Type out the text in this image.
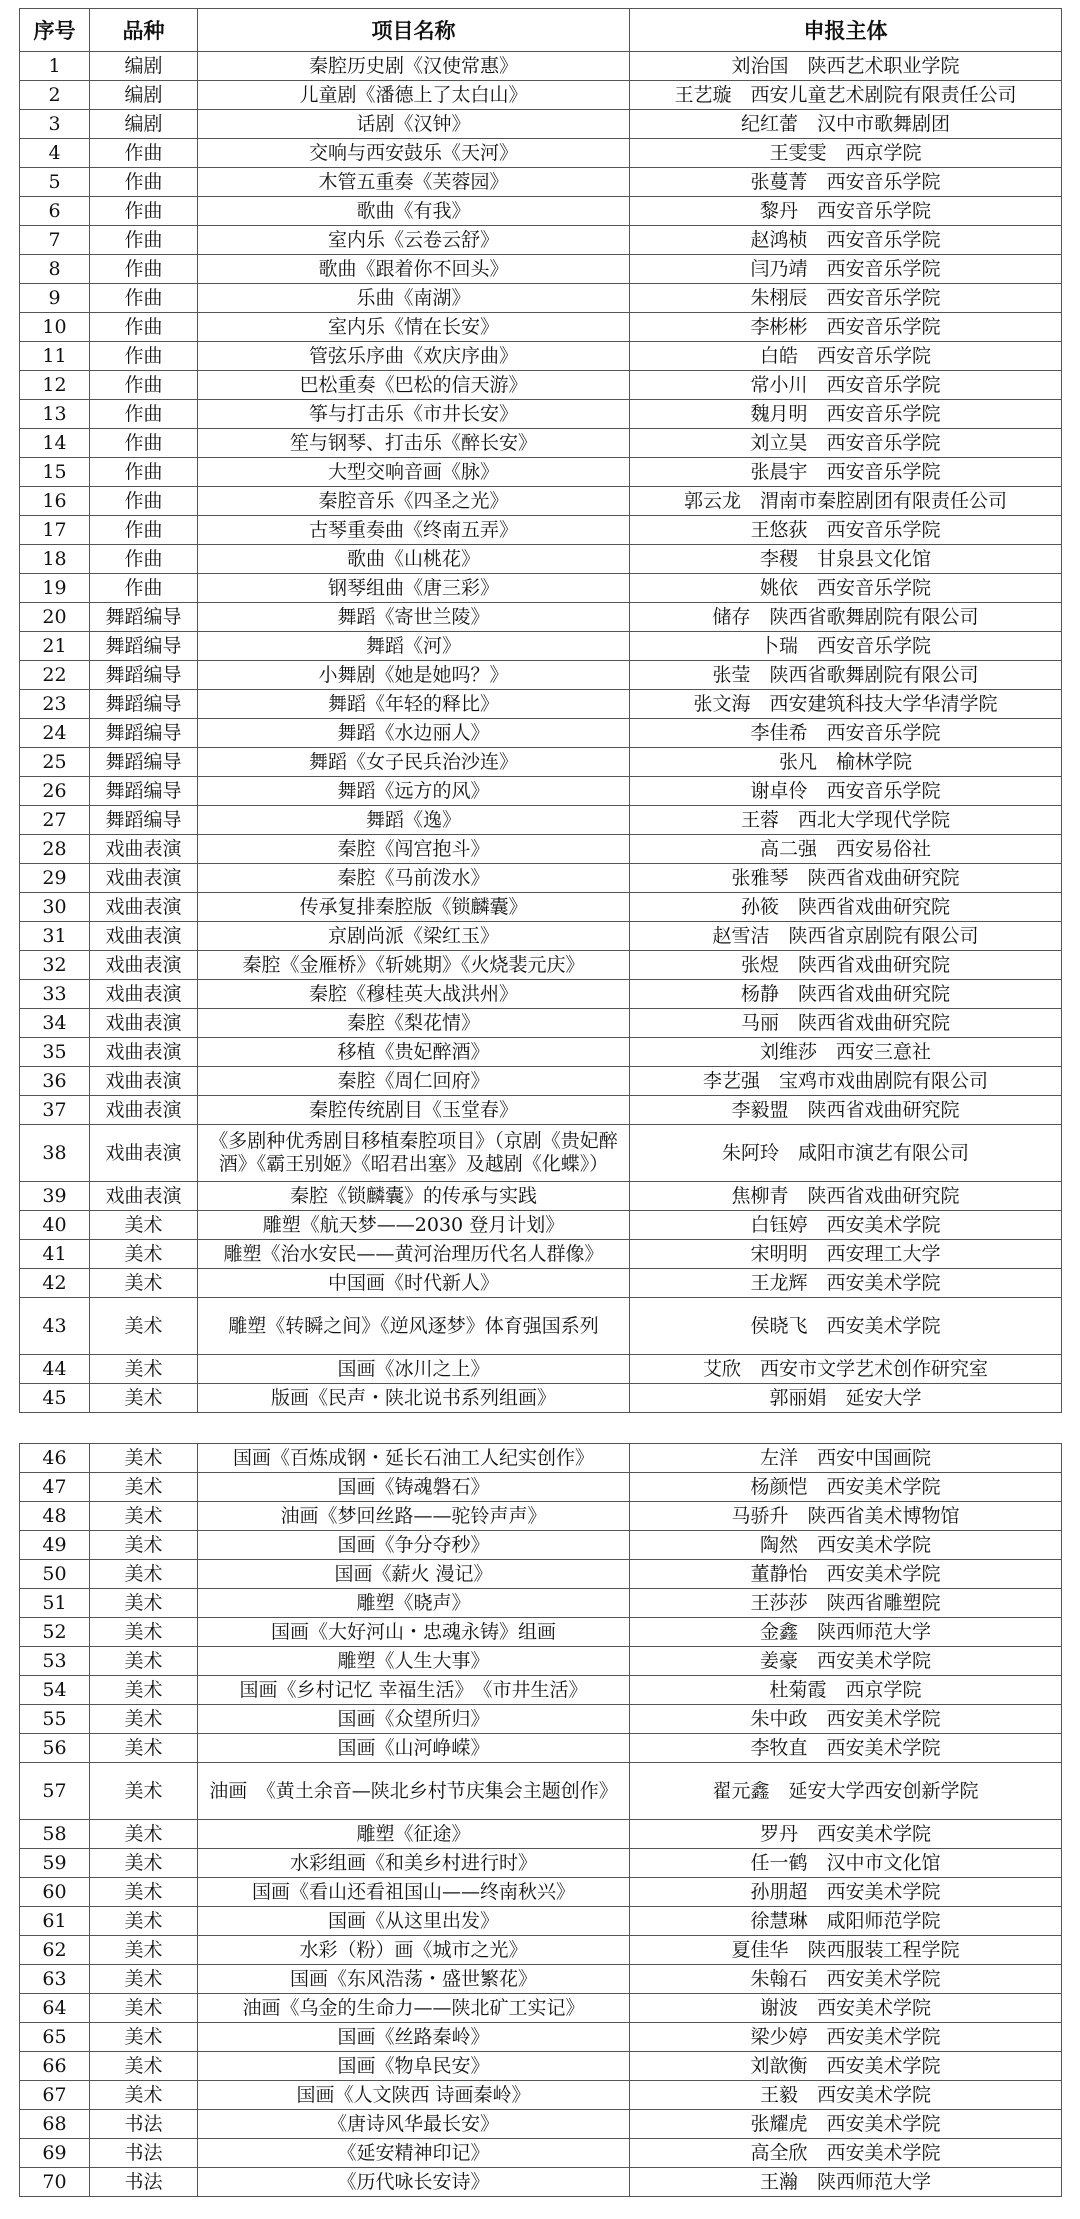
序号	品种	项目名称	申报主体
1	编剧	秦腔历史剧《汉使常惠》	刘治国　陕西艺术职业学院
2	编剧	儿童剧《潘德上了太白山》	王艺璇　西安儿童艺术剧院有限责任公司
3	编剧	话剧《汉钟》	纪红蕾　汉中市歌舞剧团
4	作曲	交响与西安鼓乐《天河》	王雯雯　西京学院
5	作曲	木管五重奏《芙蓉园》	张蔓菁　西安音乐学院
6	作曲	歌曲《有我》	黎丹　西安音乐学院
7	作曲	室内乐《云卷云舒》	赵鸿桢　西安音乐学院
8	作曲	歌曲《跟着你不回头》	闫乃靖　西安音乐学院
9	作曲	乐曲《南湖》	朱栩辰　西安音乐学院
10	作曲	室内乐《情在长安》	李彬彬　西安音乐学院
11	作曲	管弦乐序曲《欢庆序曲》	白皓　西安音乐学院
12	作曲	巴松重奏《巴松的信天游》	常小川　西安音乐学院
13	作曲	筝与打击乐《市井长安》	魏月明　西安音乐学院
14	作曲	笙与钢琴、打击乐《醉长安》	刘立昊　西安音乐学院
15	作曲	大型交响音画《脉》	张晨宇　西安音乐学院
16	作曲	秦腔音乐《四圣之光》	郭云龙　渭南市秦腔剧团有限责任公司
17	作曲	古琴重奏曲《终南五弄》	王悠荻　西安音乐学院
18	作曲	歌曲《山桃花》	李稷　甘泉县文化馆
19	作曲	钢琴组曲《唐三彩》	姚依　西安音乐学院
20	舞蹈编导	舞蹈《寄世兰陵》	储存　陕西省歌舞剧院有限公司
21	舞蹈编导	舞蹈《河》	卜瑞　西安音乐学院
22	舞蹈编导	小舞剧《她是她吗？》	张莹　陕西省歌舞剧院有限公司
23	舞蹈编导	舞蹈《年轻的释比》	张文海　西安建筑科技大学华清学院
24	舞蹈编导	舞蹈《水边丽人》	李佳希　西安音乐学院
25	舞蹈编导	舞蹈《女子民兵治沙连》	张凡　榆林学院
26	舞蹈编导	舞蹈《远方的风》	谢卓伶　西安音乐学院
27	舞蹈编导	舞蹈《逸》	王蓉　西北大学现代学院
28	戏曲表演	秦腔《闯宫抱斗》	高二强　西安易俗社
29	戏曲表演	秦腔《马前泼水》	张雅琴　陕西省戏曲研究院
30	戏曲表演	传承复排秦腔版《锁麟囊》	孙筱　陕西省戏曲研究院
31	戏曲表演	京剧尚派《梁红玉》	赵雪洁　陕西省京剧院有限公司
32	戏曲表演	秦腔《金雁桥》《斩姚期》《火烧裴元庆》	张煜　陕西省戏曲研究院
33	戏曲表演	秦腔《穆桂英大战洪州》	杨静　陕西省戏曲研究院
34	戏曲表演	秦腔《梨花情》	马丽　陕西省戏曲研究院
35	戏曲表演	移植《贵妃醉酒》	刘维莎　西安三意社
36	戏曲表演	秦腔《周仁回府》	李艺强　宝鸡市戏曲剧院有限公司
37	戏曲表演	秦腔传统剧目《玉堂春》	李毅盟　陕西省戏曲研究院
38	戏曲表演	《多剧种优秀剧目移植秦腔项目》（京剧《贵妃醉酒》《霸王别姬》《昭君出塞》及越剧《化蝶》）	朱阿玲　咸阳市演艺有限公司
39	戏曲表演	秦腔《锁麟囊》的传承与实践	焦柳青　陕西省戏曲研究院
40	美术	雕塑《航天梦——2030 登月计划》	白钰婷　西安美术学院
41	美术	雕塑《治水安民——黄河治理历代名人群像》	宋明明　西安理工大学
42	美术	中国画《时代新人》	王龙辉　西安美术学院
43	美术	雕塑《转瞬之间》《逆风逐梦》体育强国系列	侯晓飞　西安美术学院
44	美术	国画《冰川之上》	艾欣　西安市文学艺术创作研究室
45	美术	版画《民声・陕北说书系列组画》	郭丽娟　延安大学
46	美术	国画《百炼成钢・延长石油工人纪实创作》	左洋　西安中国画院
47	美术	国画《铸魂磐石》	杨颜恺　西安美术学院
48	美术	油画《梦回丝路——驼铃声声》	马骄升　陕西省美术博物馆
49	美术	国画《争分夺秒》	陶然　西安美术学院
50	美术	国画《薪火 漫记》	董静怡　西安美术学院
51	美术	雕塑《晓声》	王莎莎　陕西省雕塑院
52	美术	国画《大好河山・忠魂永铸》组画	金鑫　陕西师范大学
53	美术	雕塑《人生大事》	姜豪　西安美术学院
54	美术	国画《乡村记忆 幸福生活》　《市井生活》	杜菊霞　西京学院
55	美术	国画《众望所归》	朱中政　西安美术学院
56	美术	国画《山河峥嵘》	李牧直　西安美术学院
57	美术	油画　《黄土余音—陕北乡村节庆集会主题创作》	翟元鑫　延安大学西安创新学院
58	美术	雕塑《征途》	罗丹　西安美术学院
59	美术	水彩组画《和美乡村进行时》	任一鹤　汉中市文化馆
60	美术	国画《看山还看祖国山——终南秋兴》	孙朋超　西安美术学院
61	美术	国画《从这里出发》	徐慧琳　咸阳师范学院
62	美术	水彩（粉）画《城市之光》	夏佳华　陕西服装工程学院
63	美术	国画《东风浩荡・盛世繁花》	朱翰石　西安美术学院
64	美术	油画《乌金的生命力——陕北矿工实记》	谢波　西安美术学院
65	美术	国画《丝路秦岭》	梁少婷　西安美术学院
66	美术	国画《物阜民安》	刘歆衡　西安美术学院
67	美术	国画《人文陕西 诗画秦岭》	王毅　西安美术学院
68	书法	《唐诗风华最长安》	张耀虎　西安美术学院
69	书法	《延安精神印记》	高全欣　西安美术学院
70	书法	《历代咏长安诗》	王瀚　陕西师范大学
